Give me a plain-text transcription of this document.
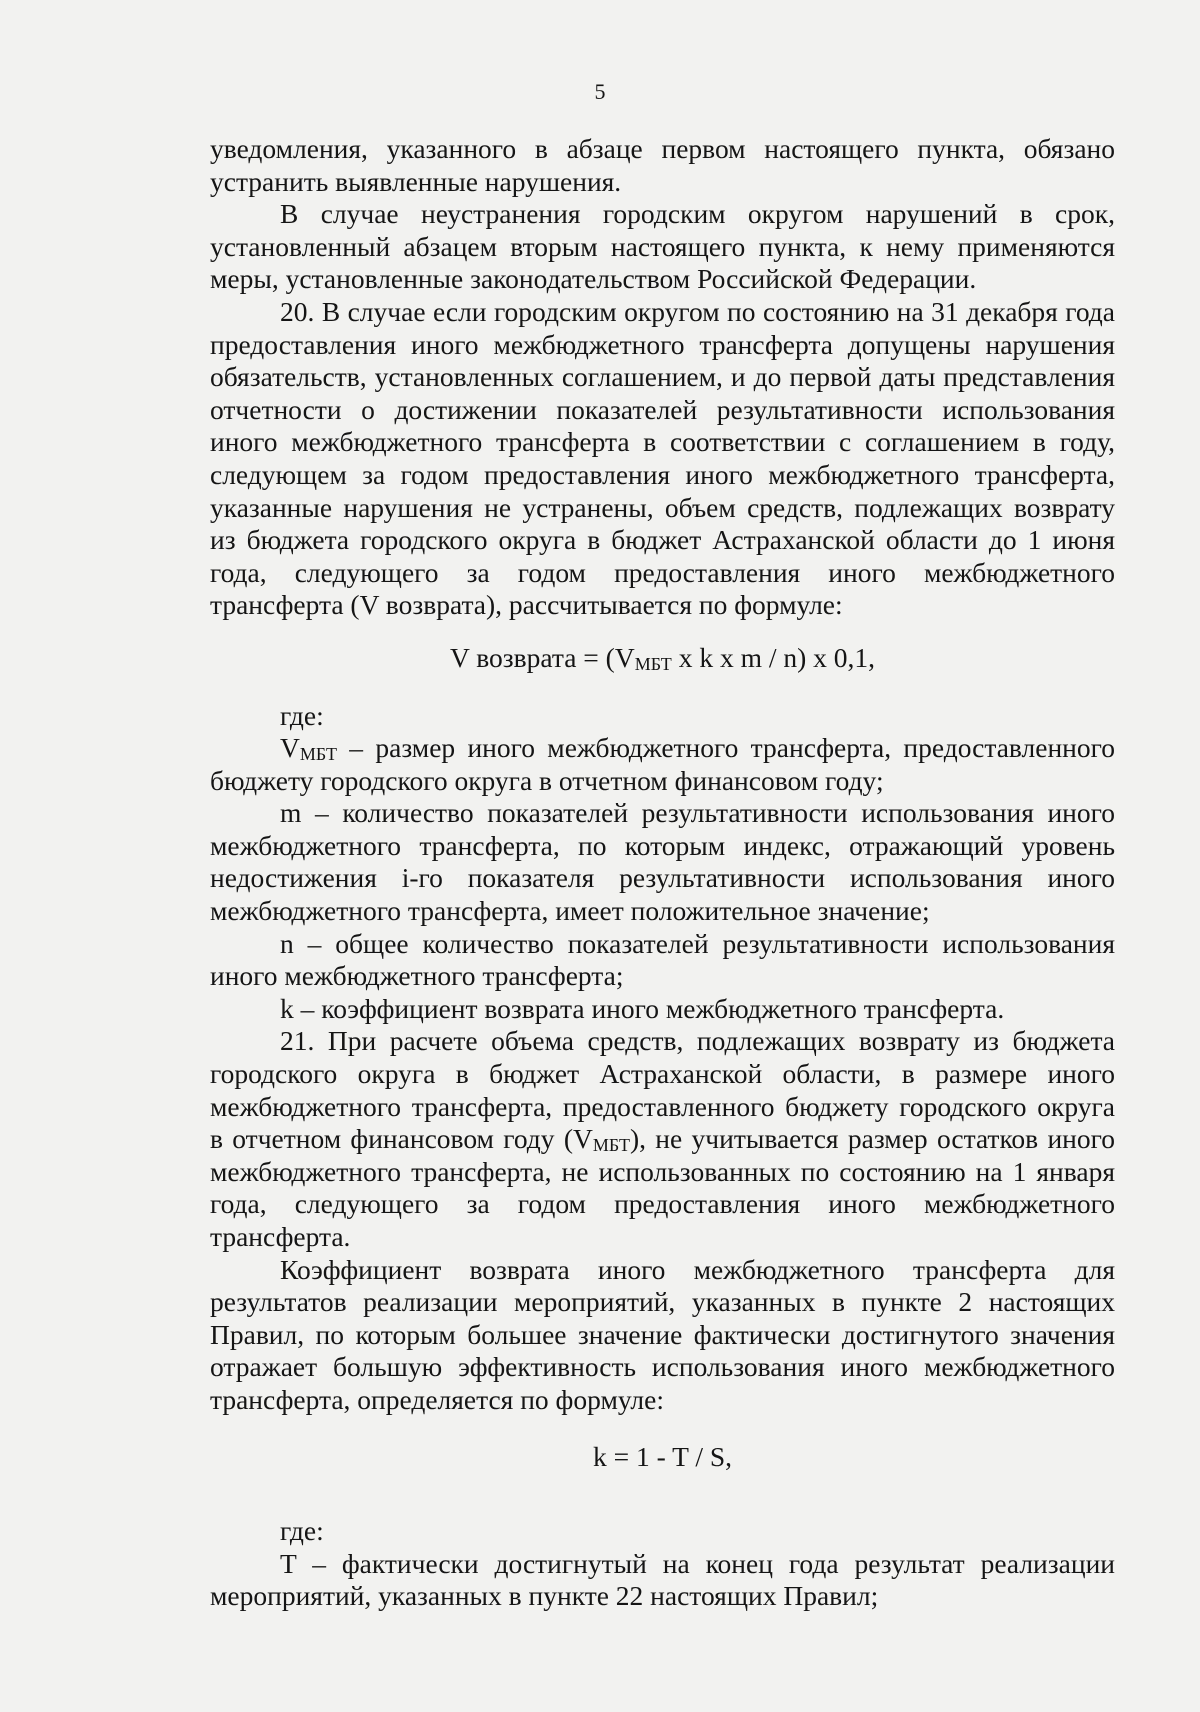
5

уведомления, указанного в абзаце первом настоящего пункта, обязано устранить выявленные нарушения.

В случае неустранения городским округом нарушений в срок, установленный абзацем вторым настоящего пункта, к нему применяются меры, установленные законодательством Российской Федерации.

20. В случае если городским округом по состоянию на 31 декабря года предоставления иного межбюджетного трансферта допущены нарушения обязательств, установленных соглашением, и до первой даты представления отчетности о достижении показателей результативности использования иного межбюджетного трансферта в соответствии с соглашением в году, следующем за годом предоставления иного межбюджетного трансферта, указанные нарушения не устранены, объем средств, подлежащих возврату из бюджета городского округа в бюджет Астраханской области до 1 июня года, следующего за годом предоставления иного межбюджетного трансферта (V возврата), рассчитывается по формуле:

V возврата = ($V_{МБТ}$ x k x m / n) x 0,1,

где:

$V_{МБТ}$ – размер иного межбюджетного трансферта, предоставленного бюджету городского округа в отчетном финансовом году;

m – количество показателей результативности использования иного межбюджетного трансферта, по которым индекс, отражающий уровень недостижения i-го показателя результативности использования иного межбюджетного трансферта, имеет положительное значение;

n – общее количество показателей результативности использования иного межбюджетного трансферта;

k – коэффициент возврата иного межбюджетного трансферта.

21. При расчете объема средств, подлежащих возврату из бюджета городского округа в бюджет Астраханской области, в размере иного межбюджетного трансферта, предоставленного бюджету городского округа в отчетном финансовом году $(V_{МБТ})$, не учитывается размер остатков иного межбюджетного трансферта, не использованных по состоянию на 1 января года, следующего за годом предоставления иного межбюджетного трансферта.

Коэффициент возврата иного межбюджетного трансферта для результатов реализации мероприятий, указанных в пункте 2 настоящих Правил, по которым большее значение фактически достигнутого значения отражает большую эффективность использования иного межбюджетного трансферта, определяется по формуле:

k = 1 - T / S,

где:

T – фактически достигнутый на конец года результат реализации мероприятий, указанных в пункте 22 настоящих Правил;
